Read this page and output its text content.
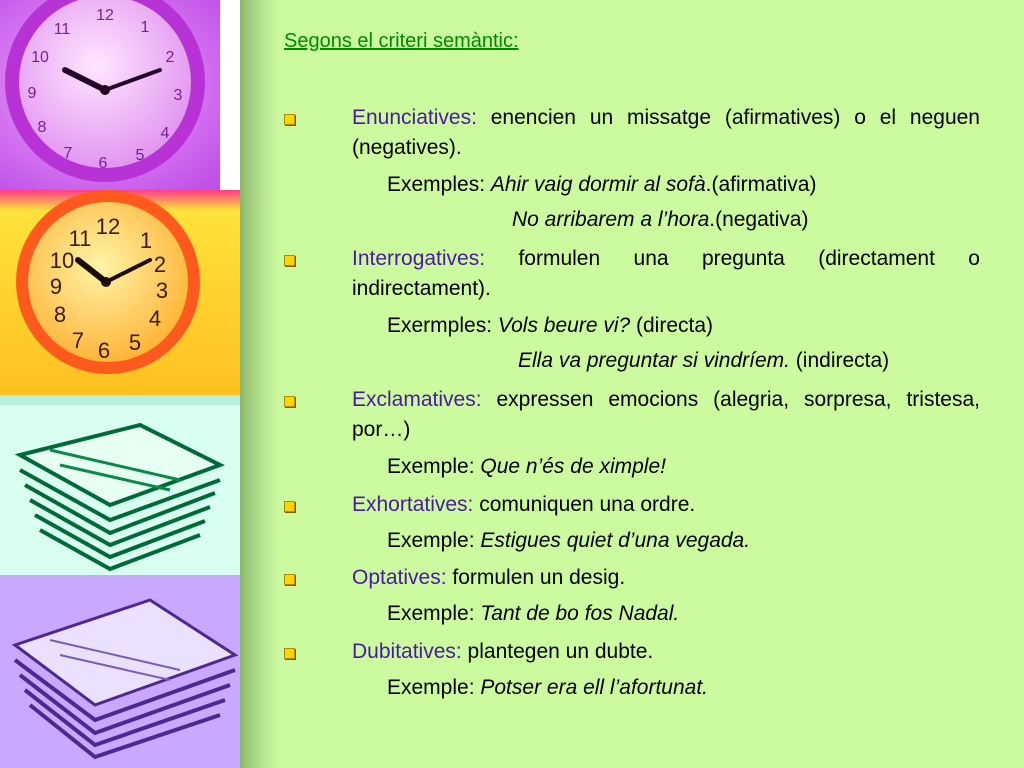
12
1
2
3
4
5
6
7
8
9
10
11
12
1
2
3
4
5
6
7
8
9
10
11
Segons el criteri semàntic:
Enunciatives: enencien un missatge (afirmatives) o el neguen (negatives).
Exemples: Ahir vaig dormir al sofà.(afirmativa)
No arribarem a l’hora.(negativa)
Interrogatives: formulen una pregunta (directament o indirectament).
Exermples: Vols beure vi? (directa)
Ella va preguntar si vindríem. (indirecta)
Exclamatives: expressen emocions (alegria, sorpresa, tristesa, por…)
Exemple: Que n’és de ximple!
Exhortatives: comuniquen una ordre.
Exemple: Estigues quiet d’una vegada.
Optatives: formulen un desig.
Exemple: Tant de bo fos Nadal.
Dubitatives: plantegen un dubte.
Exemple: Potser era ell l’afortunat.
